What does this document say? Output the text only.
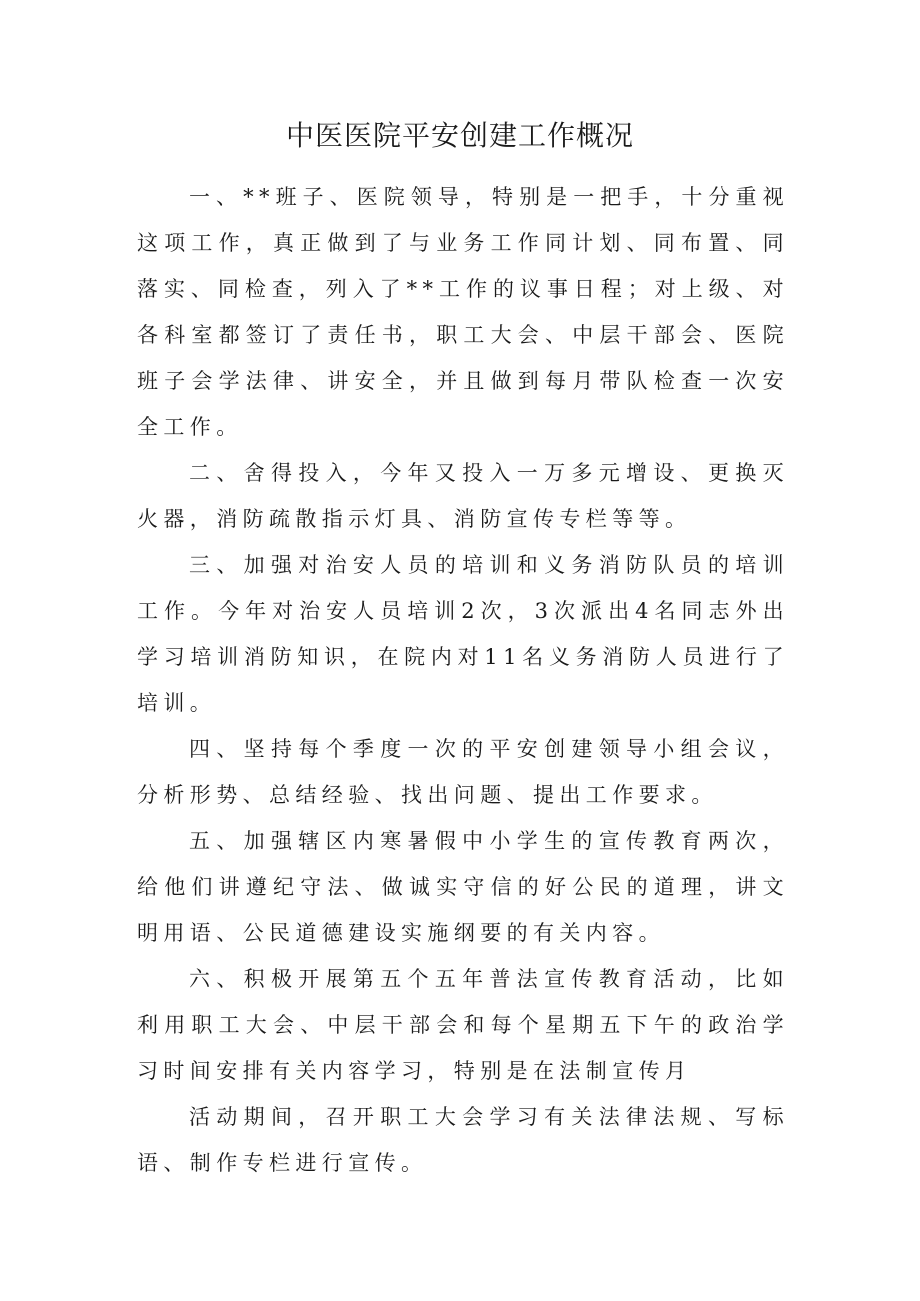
中医医院平安创建工作概况

一、**班子、医院领导，特别是一把手，十分重视这项工作，真正做到了与业务工作同计划、同布置、同落实、同检查，列入了**工作的议事日程；对上级、对各科室都签订了责任书，职工大会、中层干部会、医院班子会学法律、讲安全，并且做到每月带队检查一次安全工作。

二、舍得投入，今年又投入一万多元增设、更换灭火器，消防疏散指示灯具、消防宣传专栏等等。

三、加强对治安人员的培训和义务消防队员的培训工作。今年对治安人员培训2次，3次派出4名同志外出学习培训消防知识，在院内对11名义务消防人员进行了培训。

四、坚持每个季度一次的平安创建领导小组会议，分析形势、总结经验、找出问题、提出工作要求。

五、加强辖区内寒暑假中小学生的宣传教育两次，给他们讲遵纪守法、做诚实守信的好公民的道理，讲文明用语、公民道德建设实施纲要的有关内容。

六、积极开展第五个五年普法宣传教育活动，比如利用职工大会、中层干部会和每个星期五下午的政治学习时间安排有关内容学习，特别是在法制宣传月

活动期间，召开职工大会学习有关法律法规、写标语、制作专栏进行宣传。
